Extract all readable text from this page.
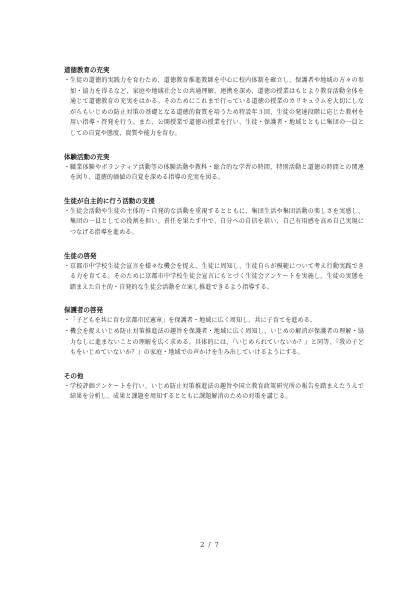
道徳教育の充実
・ 生徒の道徳的実践力を育むため、道徳教育推進教師を中心に校内体制を確立し、保護者や地域の方々の参加・協力を得るなど、家庭や地域社会との共通理解、連携を深め、道徳の授業はもとより教育活動全体を通じて道徳教育の充実をはかる。そのためにこれまで行っている道徳の授業のカリキュラムを大切にしながらもいじめの防止対策の基礎となる道徳的資質を培うため特設年３回、生徒の発達段階に応じた教材を用い指導・啓発を行う。また、公開授業で道徳の授業を行い、生徒・保護者・地域とともに集団の一員としての自覚や態度、資質や能力を育む。
体験活動の充実
・ 職業体験やボランティア活動等の体験活動や教科・総合的な学習の時間、特別活動と道徳の時間との関連を図り、道徳的価値の自覚を深める指導の充実を図る。
生徒が自主的に行う活動の支援
・ 生徒会活動や生徒の主体的・自発的な活動を重視するとともに、集団生活や集団活動の楽しさを実感し、集団の一員としての役割を担い、責任を果たす中で、自分への自信を培い、自己有用感を高め自己実現につなげる指導を進める。
生徒の啓発
・ 京都市中学校生徒会宣言を様々な機会を捉え、生徒に周知し、生徒自らが模範について考え行動実践できる力を育てる。そのために京都市中学校生徒会宣言にもとづく生徒会アンケートを実施し、生徒の実態を踏まえた自主的・自発的な生徒会活動を立案し推進できるよう指導する。
保護者の啓発
・ 「子どもを共に育む京都市民憲章」を保護者・地域に広く周知し、共に子育てを進める。
・ 機会を捉えいじめ防止対策推進法の趣旨を保護者・地域に広く周知し、いじめの解消が保護者の理解・協力なしに進まないことの理解を広く求める。具体的には、『いじめられていないか？』と同等、『我の子どもをいじめていないか？』の家庭・地域での声かけを生み出していけるようにする。
その他
・ 学校評価アンケートを行い、いじめ防止対策推進法の趣旨や国立教育政策研究所の報告を踏まえたうえで結果を分析し、成果と課題を周知するとともに課題解消のための対策を講じる。
2 / 7
